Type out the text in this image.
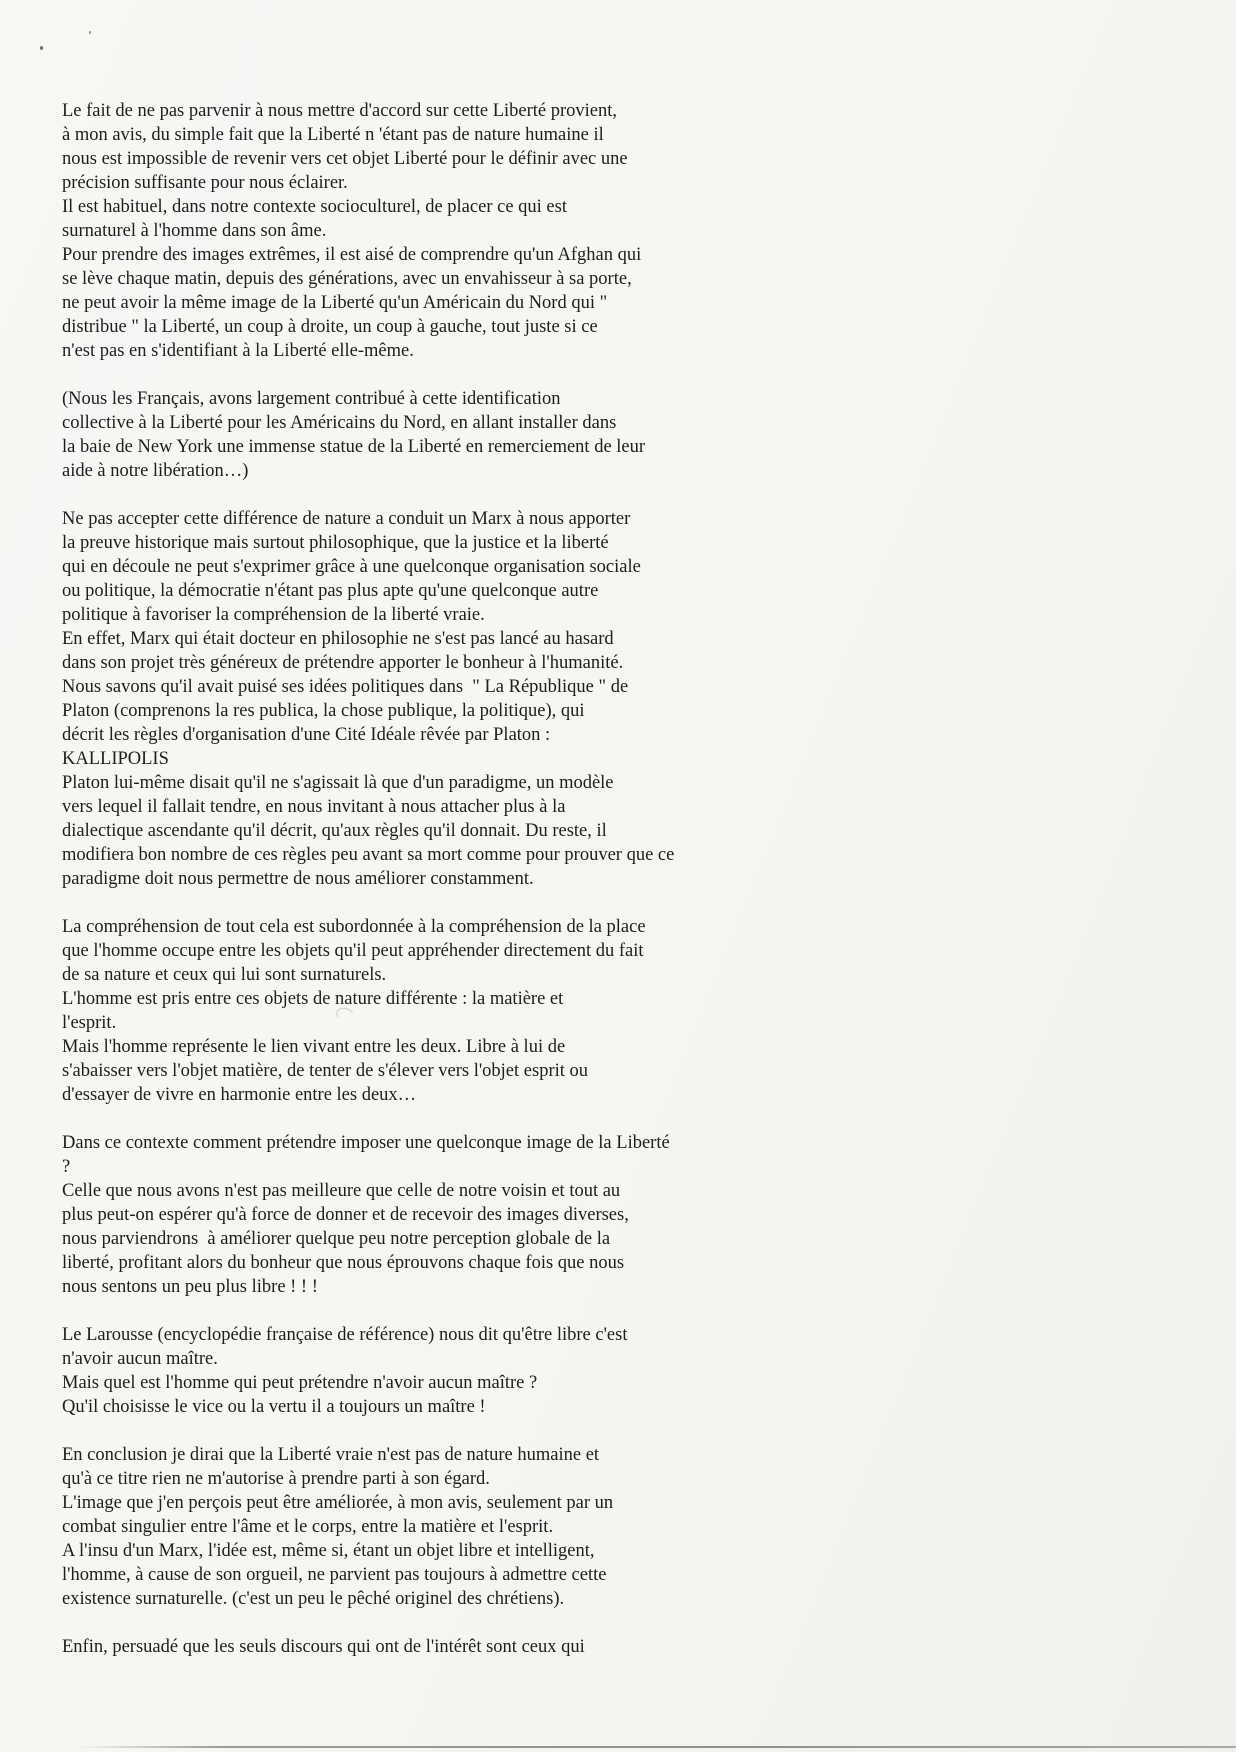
Le fait de ne pas parvenir à nous mettre d'accord sur cette Liberté provient,
à mon avis, du simple fait que la Liberté n 'étant pas de nature humaine il
nous est impossible de revenir vers cet objet Liberté pour le définir avec une
précision suffisante pour nous éclairer.
Il est habituel, dans notre contexte socioculturel, de placer ce qui est
surnaturel à l'homme dans son âme.
Pour prendre des images extrêmes, il est aisé de comprendre qu'un Afghan qui
se lève chaque matin, depuis des générations, avec un envahisseur à sa porte,
ne peut avoir la même image de la Liberté qu'un Américain du Nord qui "
distribue " la Liberté, un coup à droite, un coup à gauche, tout juste si ce
n'est pas en s'identifiant à la Liberté elle-même.

(Nous les Français, avons largement contribué à cette identification
collective à la Liberté pour les Américains du Nord, en allant installer dans
la baie de New York une immense statue de la Liberté en remerciement de leur
aide à notre libération…)

Ne pas accepter cette différence de nature a conduit un Marx à nous apporter
la preuve historique mais surtout philosophique, que la justice et la liberté
qui en découle ne peut s'exprimer grâce à une quelconque organisation sociale
ou politique, la démocratie n'étant pas plus apte qu'une quelconque autre
politique à favoriser la compréhension de la liberté vraie.
En effet, Marx qui était docteur en philosophie ne s'est pas lancé au hasard
dans son projet très généreux de prétendre apporter le bonheur à l'humanité.
Nous savons qu'il avait puisé ses idées politiques dans  " La République " de
Platon (comprenons la res publica, la chose publique, la politique), qui
décrit les règles d'organisation d'une Cité Idéale rêvée par Platon :
KALLIPOLIS
Platon lui-même disait qu'il ne s'agissait là que d'un paradigme, un modèle
vers lequel il fallait tendre, en nous invitant à nous attacher plus à la
dialectique ascendante qu'il décrit, qu'aux règles qu'il donnait. Du reste, il
modifiera bon nombre de ces règles peu avant sa mort comme pour prouver que ce
paradigme doit nous permettre de nous améliorer constamment.

La compréhension de tout cela est subordonnée à la compréhension de la place
que l'homme occupe entre les objets qu'il peut appréhender directement du fait
de sa nature et ceux qui lui sont surnaturels.
L'homme est pris entre ces objets de nature différente : la matière et
l'esprit.
Mais l'homme représente le lien vivant entre les deux. Libre à lui de
s'abaisser vers l'objet matière, de tenter de s'élever vers l'objet esprit ou
d'essayer de vivre en harmonie entre les deux…

Dans ce contexte comment prétendre imposer une quelconque image de la Liberté
?
Celle que nous avons n'est pas meilleure que celle de notre voisin et tout au
plus peut-on espérer qu'à force de donner et de recevoir des images diverses,
nous parviendrons  à améliorer quelque peu notre perception globale de la
liberté, profitant alors du bonheur que nous éprouvons chaque fois que nous
nous sentons un peu plus libre ! ! !

Le Larousse (encyclopédie française de référence) nous dit qu'être libre c'est
n'avoir aucun maître.
Mais quel est l'homme qui peut prétendre n'avoir aucun maître ?
Qu'il choisisse le vice ou la vertu il a toujours un maître !

En conclusion je dirai que la Liberté vraie n'est pas de nature humaine et
qu'à ce titre rien ne m'autorise à prendre parti à son égard.
L'image que j'en perçois peut être améliorée, à mon avis, seulement par un
combat singulier entre l'âme et le corps, entre la matière et l'esprit.
A l'insu d'un Marx, l'idée est, même si, étant un objet libre et intelligent,
l'homme, à cause de son orgueil, ne parvient pas toujours à admettre cette
existence surnaturelle. (c'est un peu le pêché originel des chrétiens).

Enfin, persuadé que les seuls discours qui ont de l'intérêt sont ceux qui
